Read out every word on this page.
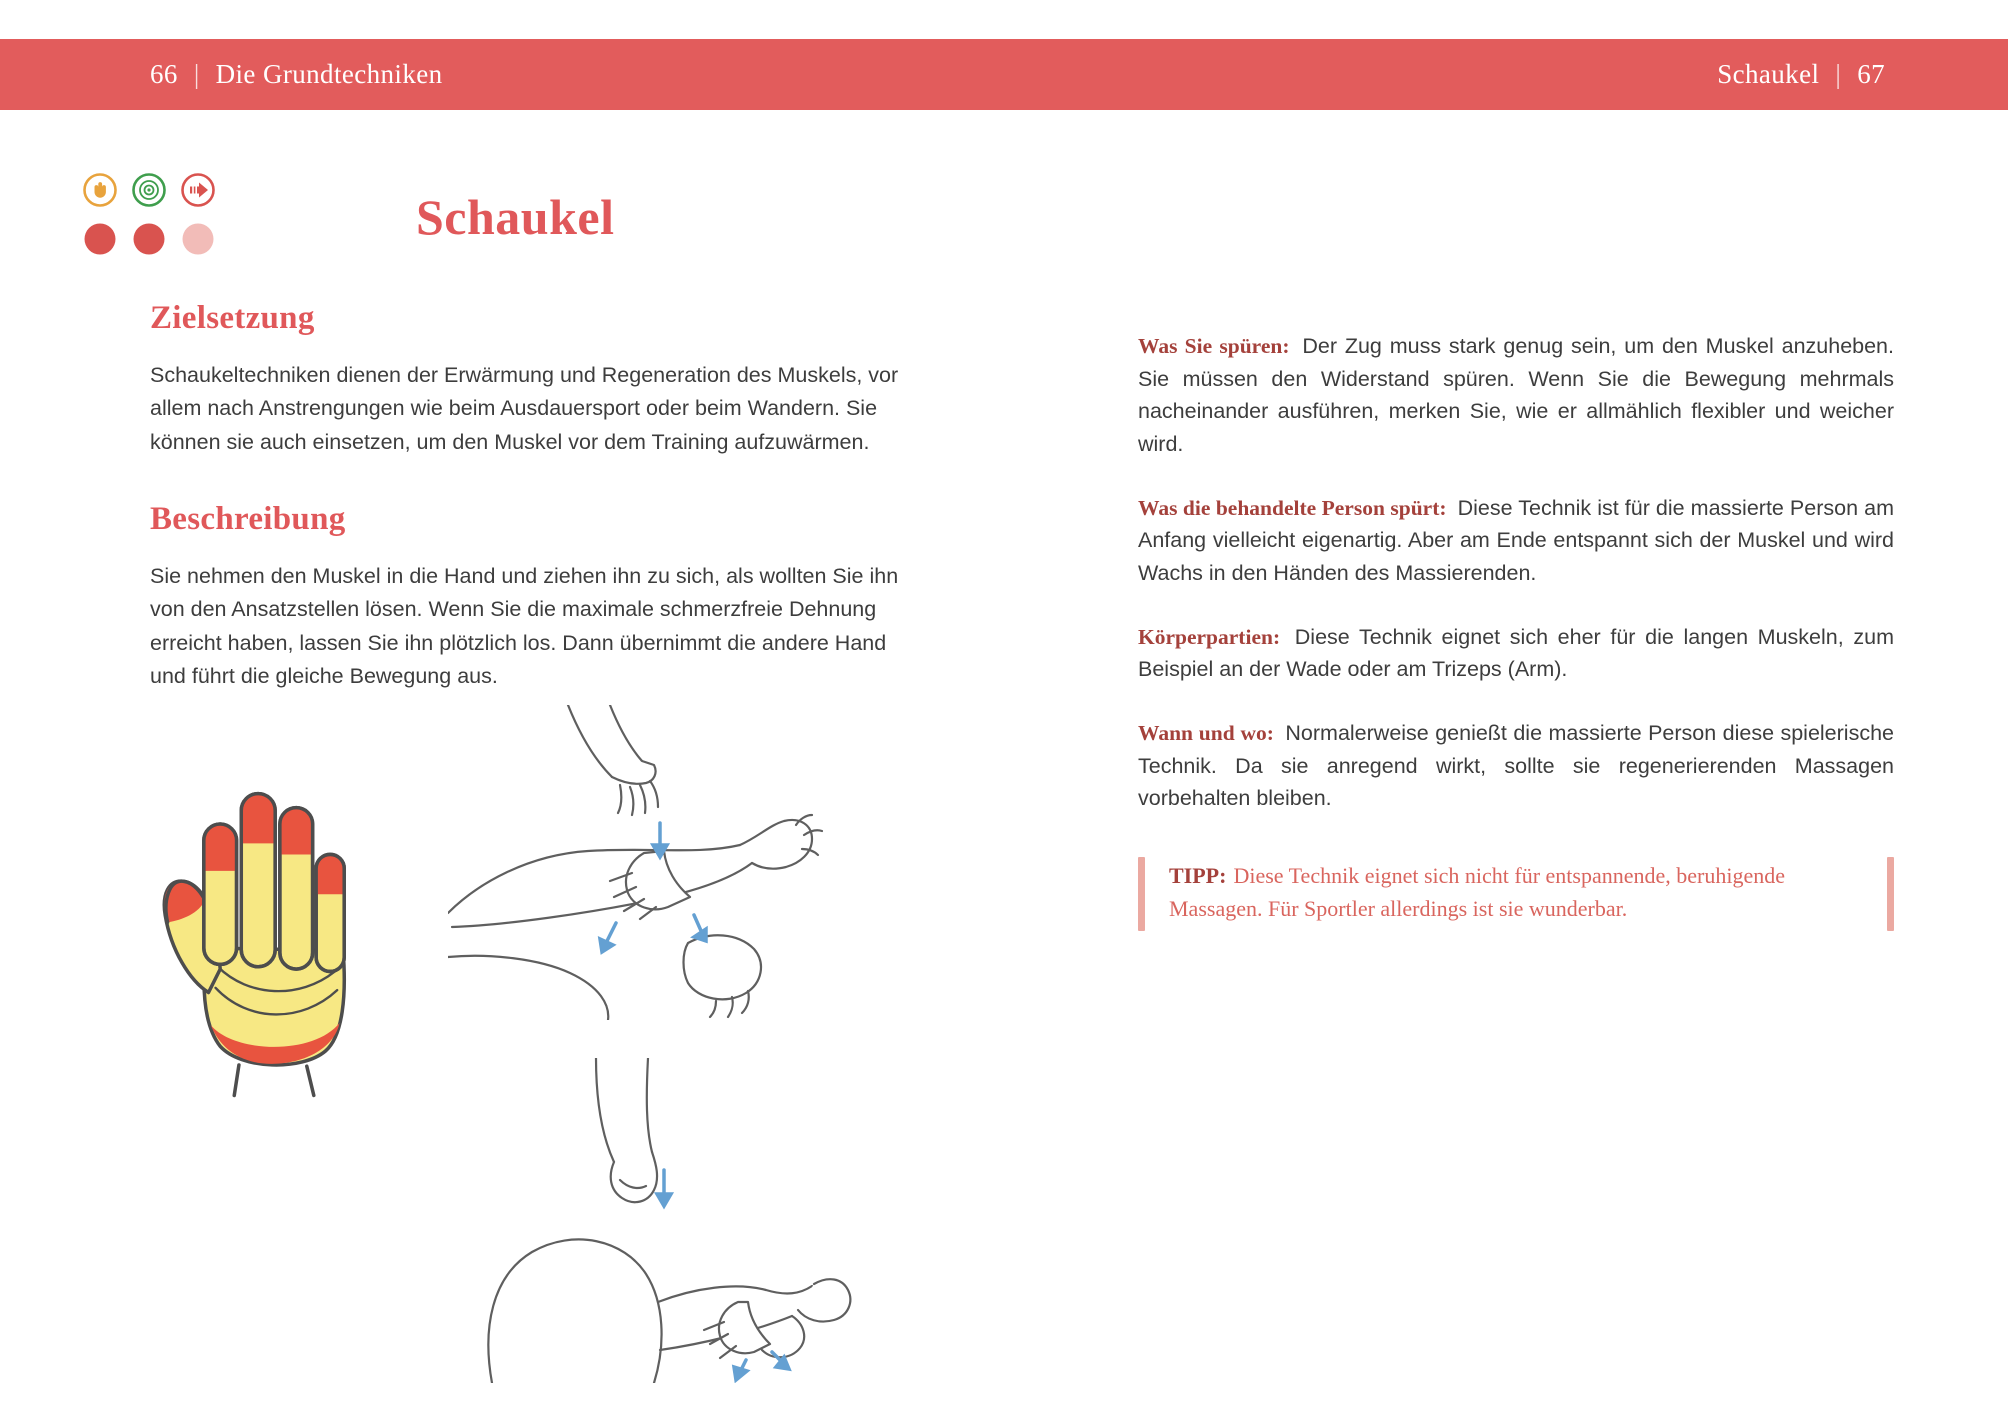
66 | Die Grundtechniken	Schaukel | 67
Schaukel
Zielsetzung

Schaukeltechniken dienen der Erwärmung und Regeneration des Muskels, vor allem nach Anstrengungen wie beim Ausdauersport oder beim Wandern. Sie können sie auch einsetzen, um den Muskel vor dem Training aufzuwärmen.

Beschreibung

Sie nehmen den Muskel in die Hand und ziehen ihn zu sich, als wollten Sie ihn von den Ansatzstellen lösen. Wenn Sie die maximale schmerzfreie Dehnung erreicht haben, lassen Sie ihn plötzlich los. Dann übernimmt die andere Hand und führt die gleiche Bewegung aus.

Was Sie spüren: Der Zug muss stark genug sein, um den Muskel anzuheben. Sie müssen den Widerstand spüren. Wenn Sie die Bewegung mehrmals nacheinander ausführen, merken Sie, wie er allmählich flexibler und weicher wird.

Was die behandelte Person spürt: Diese Technik ist für die massierte Person am Anfang vielleicht eigenartig. Aber am Ende entspannt sich der Muskel und wird Wachs in den Händen des Massierenden.

Körperpartien: Diese Technik eignet sich eher für die langen Muskeln, zum Beispiel an der Wade oder am Trizeps (Arm).

Wann und wo: Normalerweise genießt die massierte Person diese spielerische Technik. Da sie anregend wirkt, sollte sie regenerierenden Massagen vorbehalten bleiben.

TIPP: Diese Technik eignet sich nicht für entspannende, beruhigende Massagen. Für Sportler allerdings ist sie wunderbar.
